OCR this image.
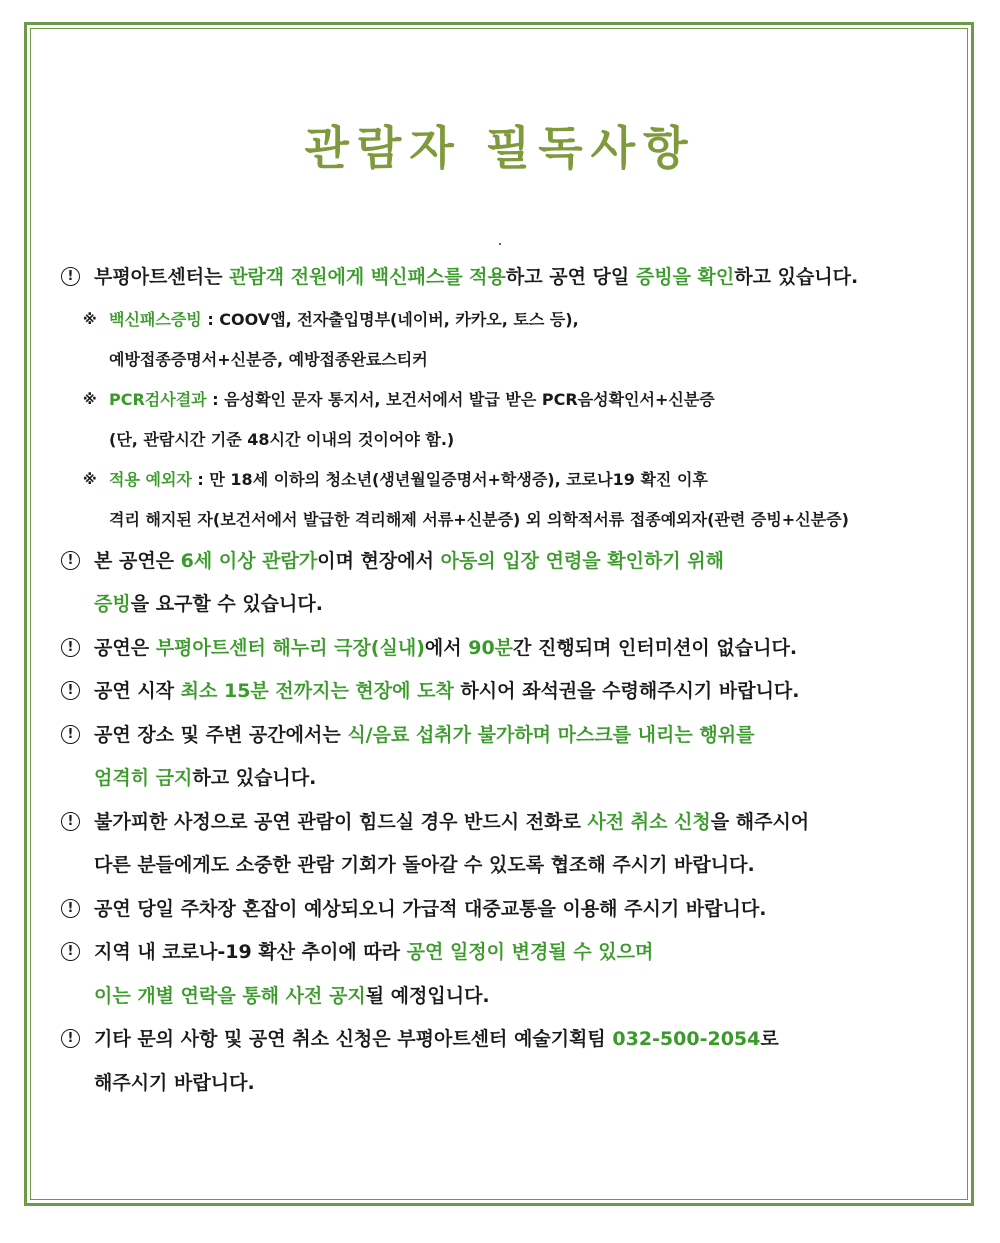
관람자 필독사항
!	부평아트센터는 관람객 전원에게 백신패스를 적용하고 공연 당일 증빙을 확인하고 있습니다.
※ 백신패스증빙 : COOV앱, 전자출입명부(네이버, 카카오, 토스 등),
예방접종증명서+신분증, 예방접종완료스티커
※ PCR검사결과 : 음성확인 문자 통지서, 보건서에서 발급 받은 PCR음성확인서+신분증
(단, 관람시간 기준 48시간 이내의 것이어야 함.)
※ 적용 예외자 : 만 18세 이하의 청소년(생년월일증명서+학생증), 코로나19 확진 이후
격리 해지된 자(보건서에서 발급한 격리해제 서류+신분증) 외 의학적서류 접종예외자(관련 증빙+신분증)
!	본 공연은 6세 이상 관람가이며 현장에서 아동의 입장 연령을 확인하기 위해
증빙을 요구할 수 있습니다.
!	공연은 부평아트센터 해누리 극장(실내)에서 90분간 진행되며 인터미션이 없습니다.
!	공연 시작 최소 15분 전까지는 현장에 도착 하시어 좌석권을 수령해주시기 바랍니다.
!	공연 장소 및 주변 공간에서는 식/음료 섭취가 불가하며 마스크를 내리는 행위를
엄격히 금지하고 있습니다.
!	불가피한 사정으로 공연 관람이 힘드실 경우 반드시 전화로 사전 취소 신청을 해주시어
다른 분들에게도 소중한 관람 기회가 돌아갈 수 있도록 협조해 주시기 바랍니다.
!	공연 당일 주차장 혼잡이 예상되오니 가급적 대중교통을 이용해 주시기 바랍니다.
!	지역 내 코로나-19 확산 추이에 따라 공연 일정이 변경될 수 있으며
이는 개별 연락을 통해 사전 공지될 예정입니다.
!	기타 문의 사항 및 공연 취소 신청은 부평아트센터 예술기획팀 032-500-2054로
해주시기 바랍니다.
